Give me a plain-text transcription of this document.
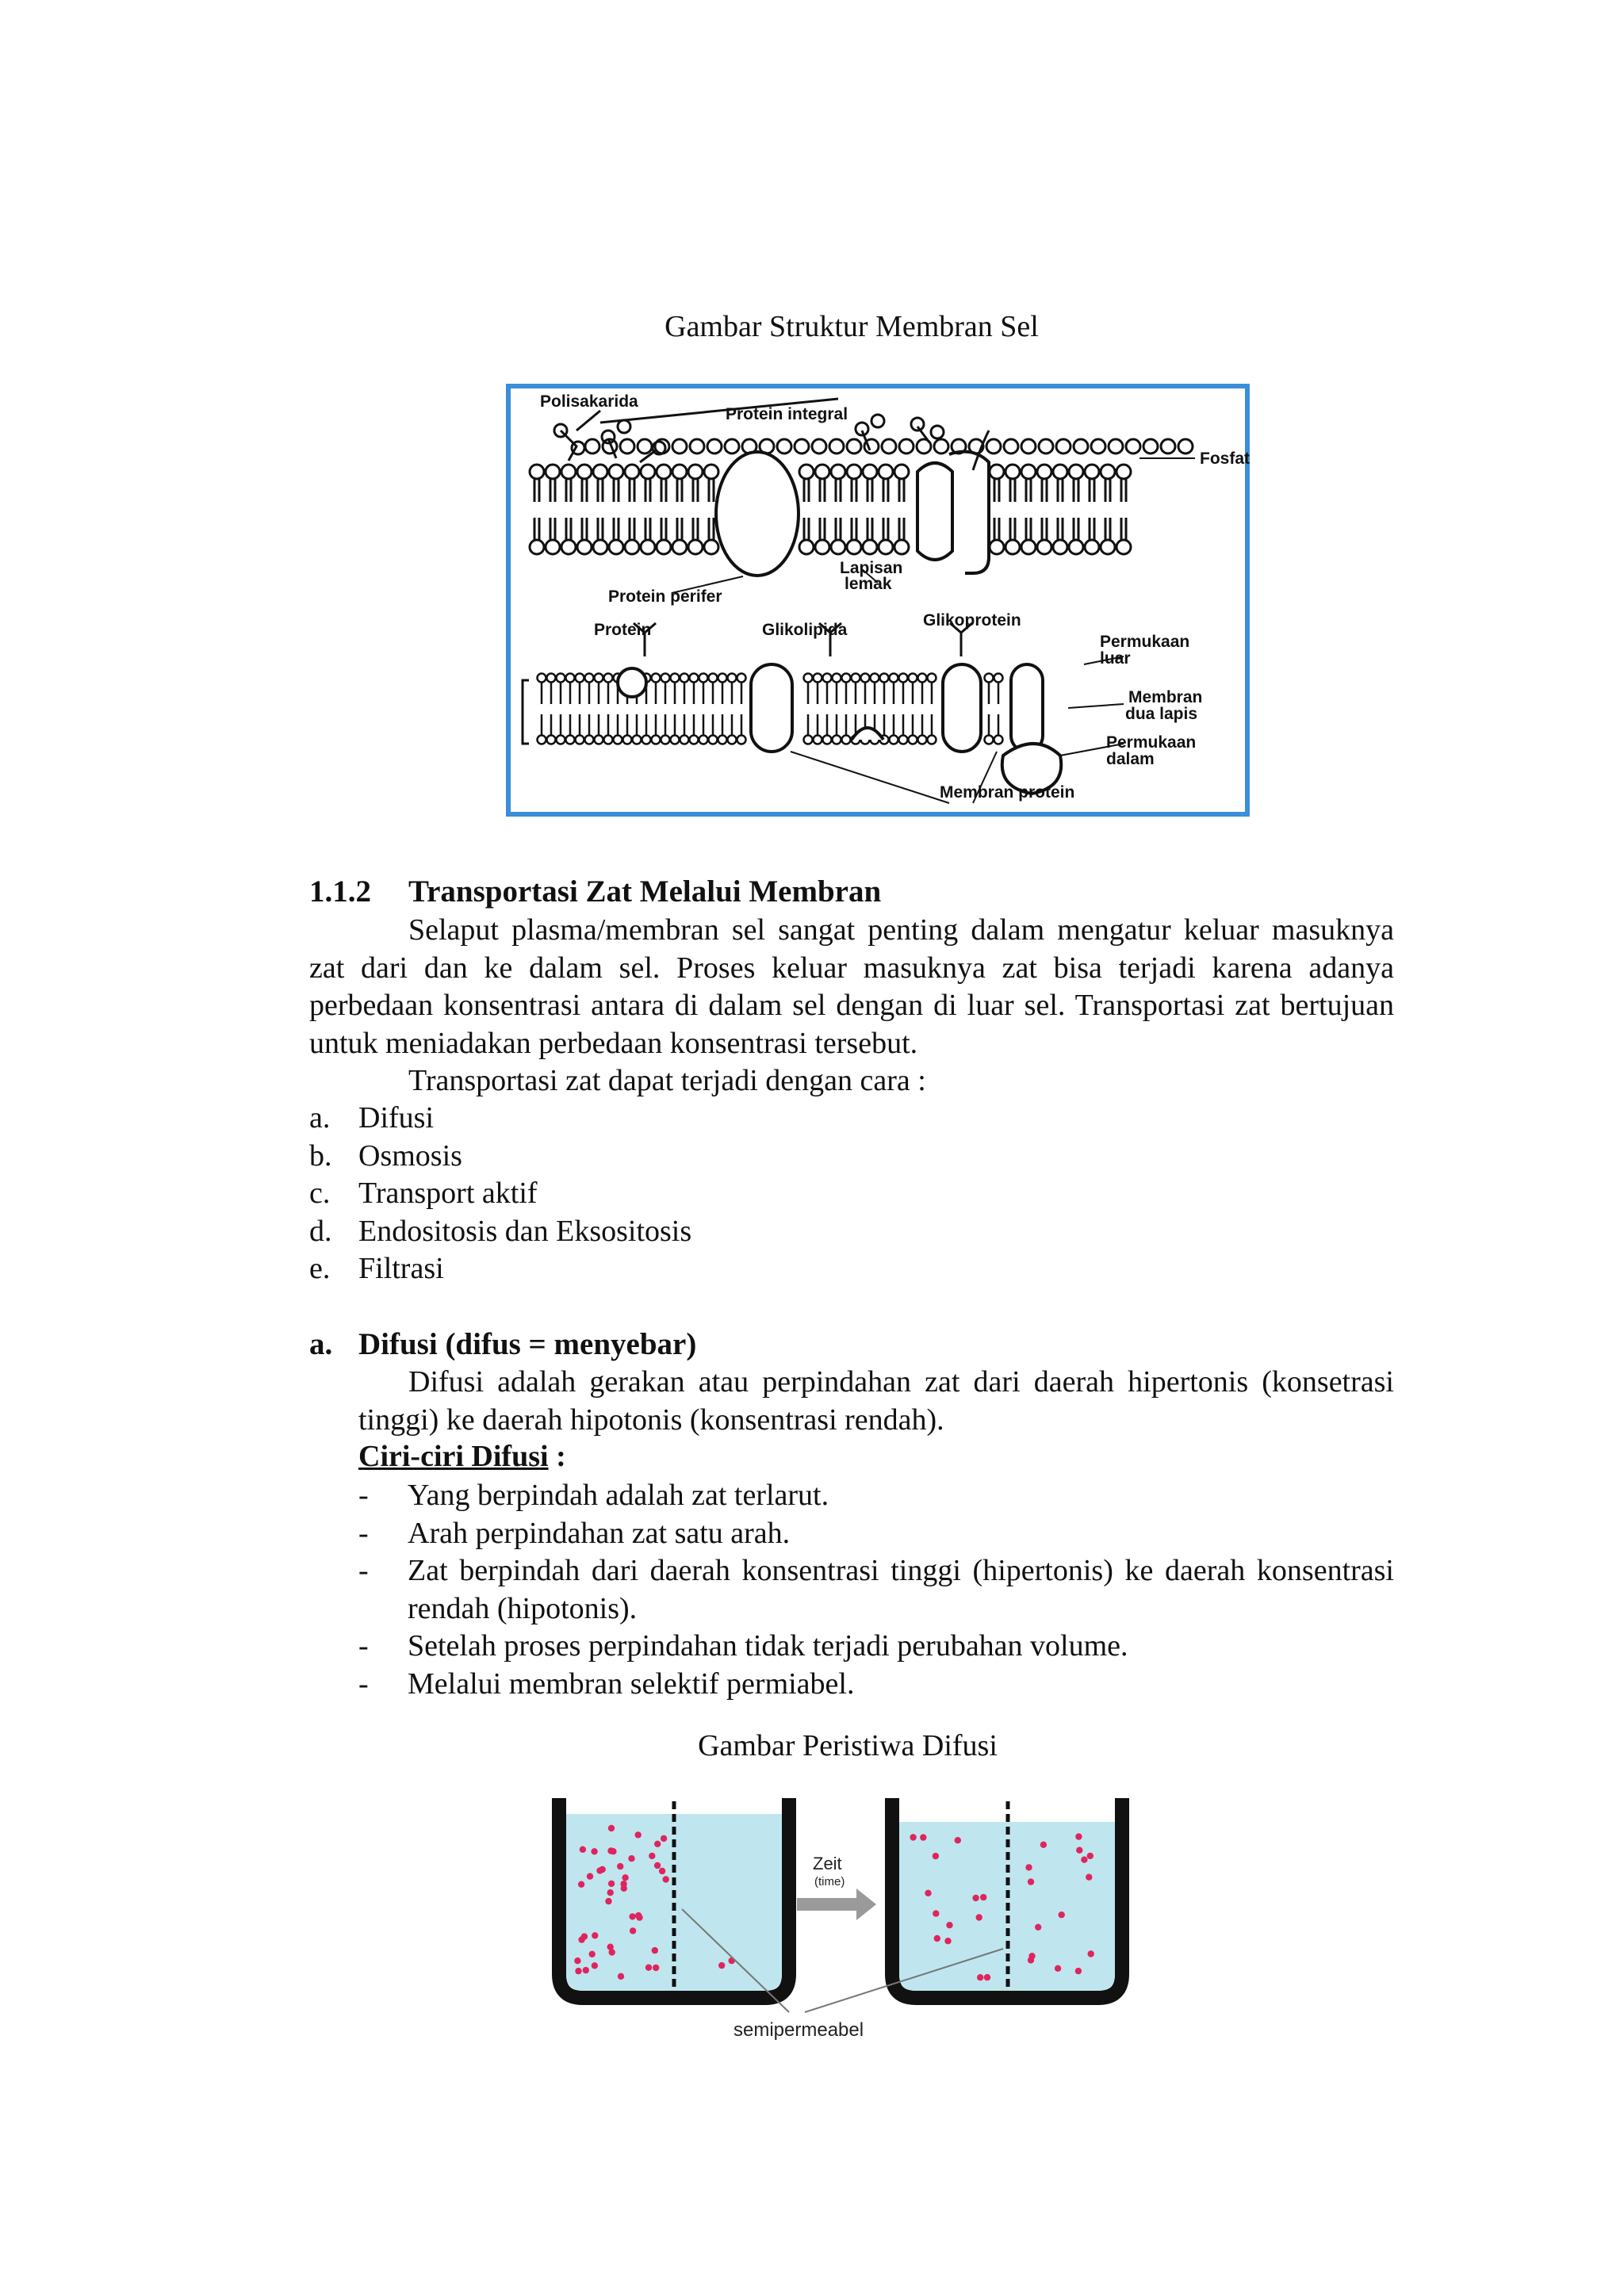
Gambar Struktur Membran Sel
Polisakarida
Protein integral
Fosfat
Lapisan
lemak
Protein perifer
Protein	Glikolipida
Glikoprotein
Permukaan
luar
Membran
dua lapis
Permukaan
dalam
Membran protein
1.1.2 Transportasi Zat Melalui Membran
Selaput plasma/membran sel sangat penting dalam mengatur keluar masuknya zat dari dan ke dalam sel. Proses keluar masuknya zat bisa terjadi karena adanya perbedaan konsentrasi antara di dalam sel dengan di luar sel. Transportasi zat bertujuan untuk meniadakan perbedaan konsentrasi tersebut.
Transportasi zat dapat terjadi dengan cara :
a. Difusi
b. Osmosis
c. Transport aktif
d. Endositosis dan Eksositosis
e. Filtrasi
a. Difusi (difus = menyebar)
Difusi adalah gerakan atau perpindahan zat dari daerah hipertonis (konsetrasi tinggi) ke daerah hipotonis (konsentrasi rendah).
Ciri-ciri Difusi :
-	Yang berpindah adalah zat terlarut.
-	Arah perpindahan zat satu arah.
-	Zat berpindah dari daerah konsentrasi tinggi (hipertonis) ke daerah konsentrasi rendah (hipotonis).
-	Setelah proses perpindahan tidak terjadi perubahan volume.
-	Melalui membran selektif permiabel.
Gambar Peristiwa Difusi
Zeit
(time)
semipermeabel
